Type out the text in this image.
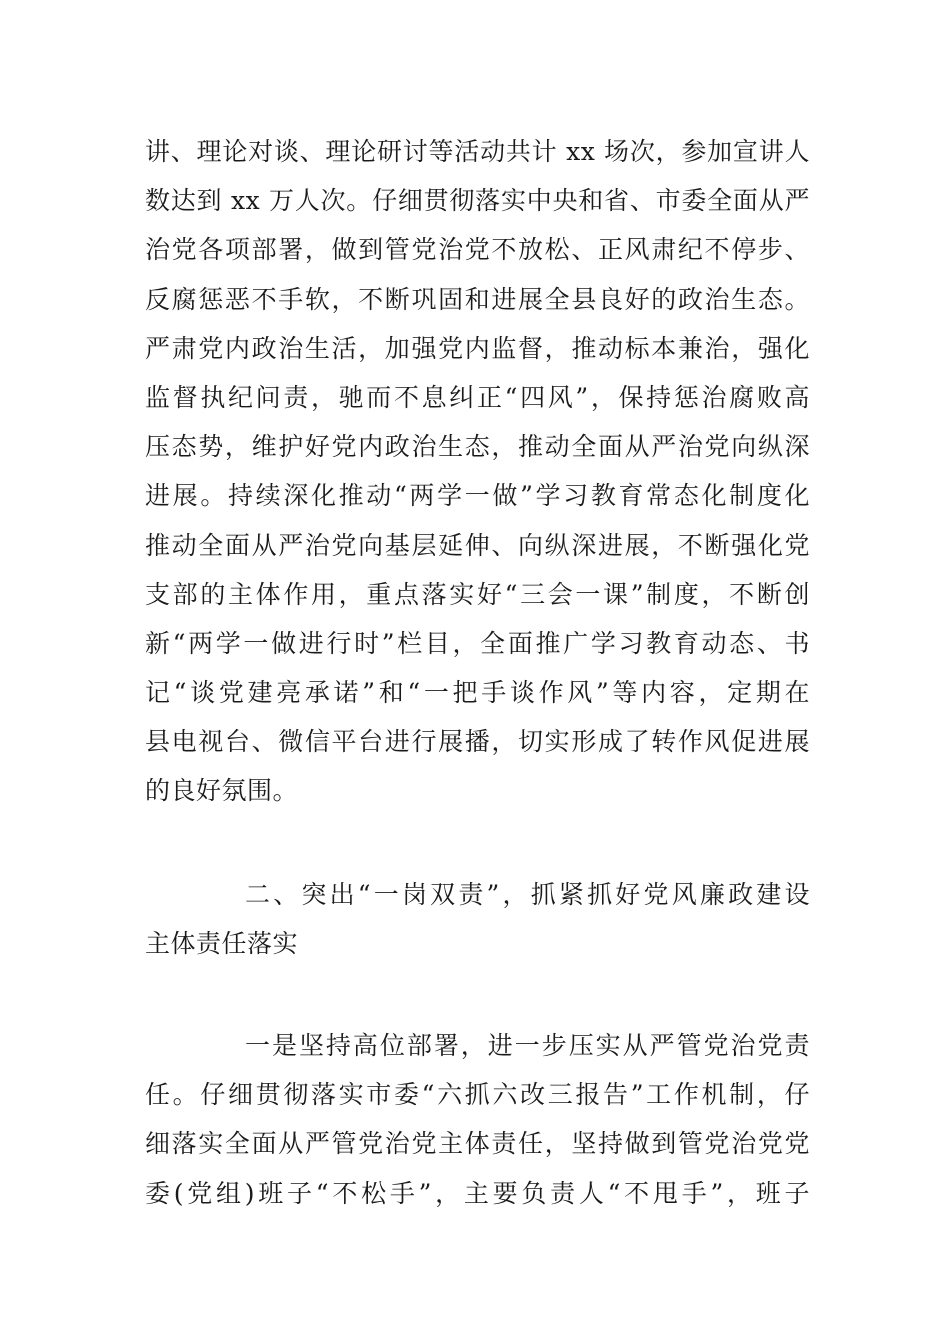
讲、理论对谈、理论研讨等活动共计 xx 场次，参加宣讲人
数达到 xx 万人次。仔细贯彻落实中央和省、市委全面从严
治党各项部署，做到管党治党不放松、正风肃纪不停步、
反腐惩恶不手软，不断巩固和进展全县良好的政治生态。
严肃党内政治生活，加强党内监督，推动标本兼治，强化
监督执纪问责，驰而不息纠正“四风”，保持惩治腐败高
压态势，维护好党内政治生态，推动全面从严治党向纵深
进展。持续深化推动“两学一做”学习教育常态化制度化
推动全面从严治党向基层延伸、向纵深进展，不断强化党
支部的主体作用，重点落实好“三会一课”制度，不断创
新“两学一做进行时”栏目，全面推广学习教育动态、书
记“谈党建亮承诺”和“一把手谈作风”等内容，定期在
县电视台、微信平台进行展播，切实形成了转作风促进展
的良好氛围。
二、突出“一岗双责”，抓紧抓好党风廉政建设
主体责任落实
一是坚持高位部署，进一步压实从严管党治党责
任。仔细贯彻落实市委“六抓六改三报告”工作机制，仔
细落实全面从严管党治党主体责任，坚持做到管党治党党
委(党组)班子“不松手”，主要负责人“不甩手”，班子
